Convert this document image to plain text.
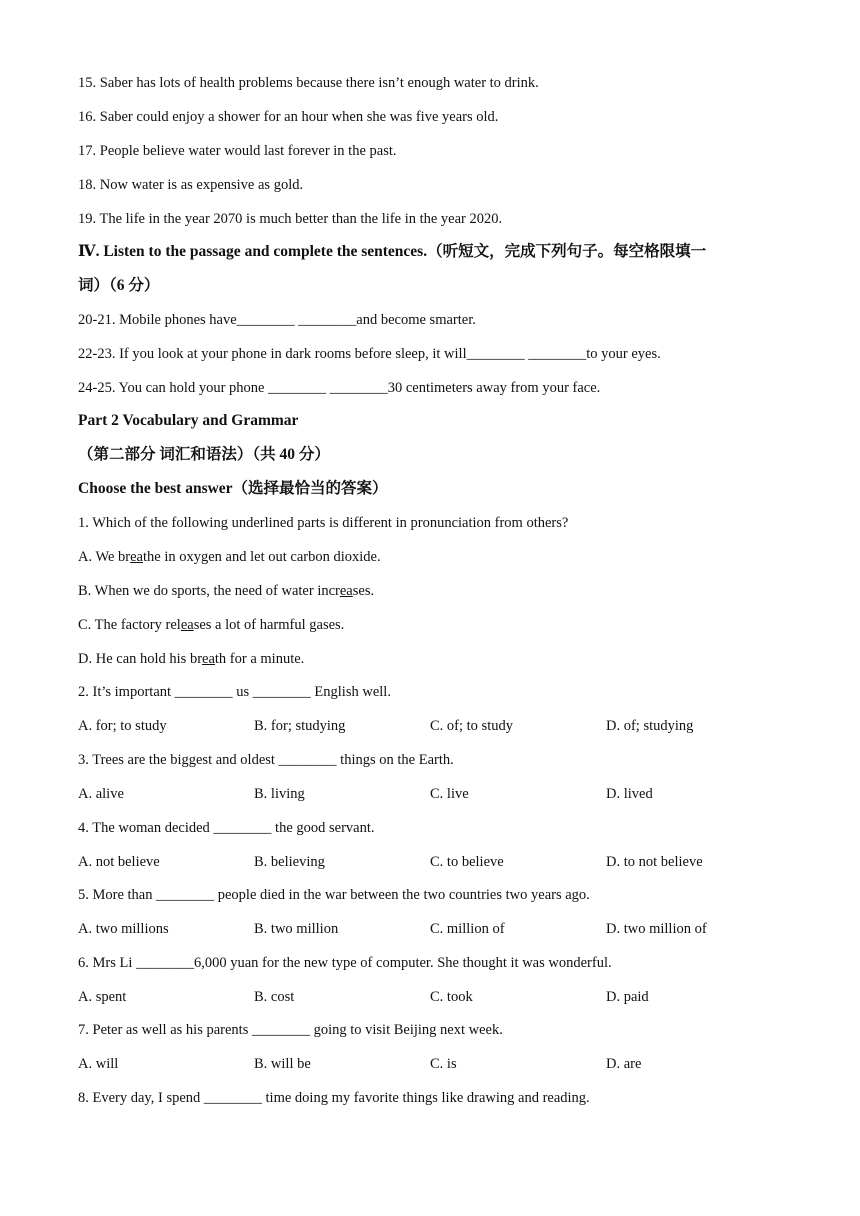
15. Saber has lots of health problems because there isn’t enough water to drink.
16. Saber could enjoy a shower for an hour when she was five years old.
17. People believe water would last forever in the past.
18. Now water is as expensive as gold.
19. The life in the year 2070 is much better than the life in the year 2020.
Ⅳ. Listen to the passage and complete the sentences.（听短文，完成下列句子。每空格限填一
词）（6 分）
20-21. Mobile phones have________ ________and become smarter.
22-23. If you look at your phone in dark rooms before sleep, it will________ ________to your eyes.
24-25. You can hold your phone ________ ________30 centimeters away from your face.
Part 2 Vocabulary and Grammar
（第二部分 词汇和语法）（共 40 分）
Choose the best answer（选择最恰当的答案）
1. Which of the following underlined parts is different in pronunciation from others?
A. We breathe in oxygen and let out carbon dioxide.
B. When we do sports, the need of water increases.
C. The factory releases a lot of harmful gases.
D. He can hold his breath for a minute.
2. It’s important ________ us ________ English well.
A. for; to study	B. for; studying	C. of; to study	D. of; studying
3. Trees are the biggest and oldest ________ things on the Earth.
A. alive	B. living	C. live	D. lived
4. The woman decided ________ the good servant.
A. not believe	B. believing	C. to believe	D. to not believe
5. More than ________ people died in the war between the two countries two years ago.
A. two millions	B. two million	C. million of	D. two million of
6. Mrs Li ________6,000 yuan for the new type of computer. She thought it was wonderful.
A. spent	B. cost	C. took	D. paid
7. Peter as well as his parents ________ going to visit Beijing next week.
A. will	B. will be	C. is	D. are
8. Every day, I spend ________ time doing my favorite things like drawing and reading.
